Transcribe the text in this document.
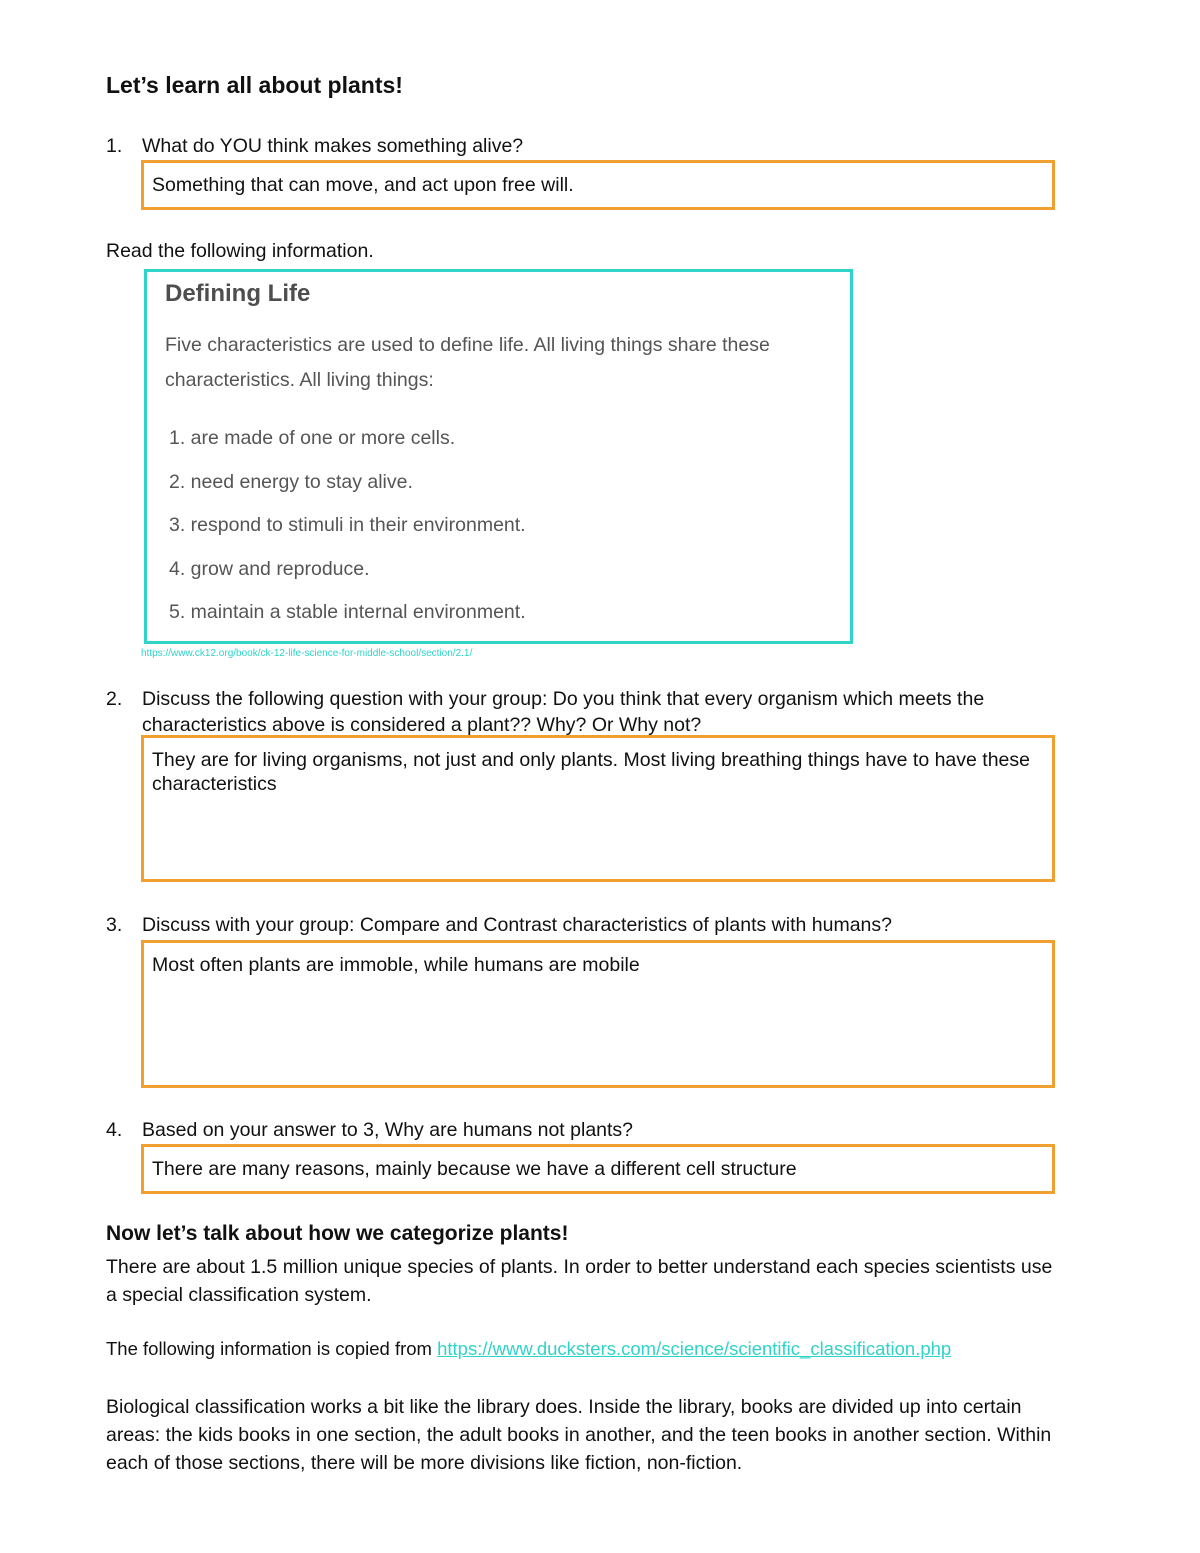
Let’s learn all about plants!
1. What do YOU think makes something alive?
Something that can move, and act upon free will.
Read the following information.
Defining Life
Five characteristics are used to define life. All living things share these characteristics. All living things:
1. are made of one or more cells.
2. need energy to stay alive.
3. respond to stimuli in their environment.
4. grow and reproduce.
5. maintain a stable internal environment.
https://www.ck12.org/book/ck-12-life-science-for-middle-school/section/2.1/
2. Discuss the following question with your group: Do you think that every organism which meets the characteristics above is considered a plant?? Why? Or Why not?
They are for living organisms, not just and only plants. Most living breathing things have to have these characteristics
3. Discuss with your group: Compare and Contrast characteristics of plants with humans?
Most often plants are immoble, while humans are mobile
4. Based on your answer to 3, Why are humans not plants?
There are many reasons, mainly because we have a different cell structure
Now let’s talk about how we categorize plants!
There are about 1.5 million unique species of plants. In order to better understand each species scientists use a special classification system.
The following information is copied from https://www.ducksters.com/science/scientific_classification.php
Biological classification works a bit like the library does. Inside the library, books are divided up into certain areas: the kids books in one section, the adult books in another, and the teen books in another section. Within each of those sections, there will be more divisions like fiction, non-fiction.
